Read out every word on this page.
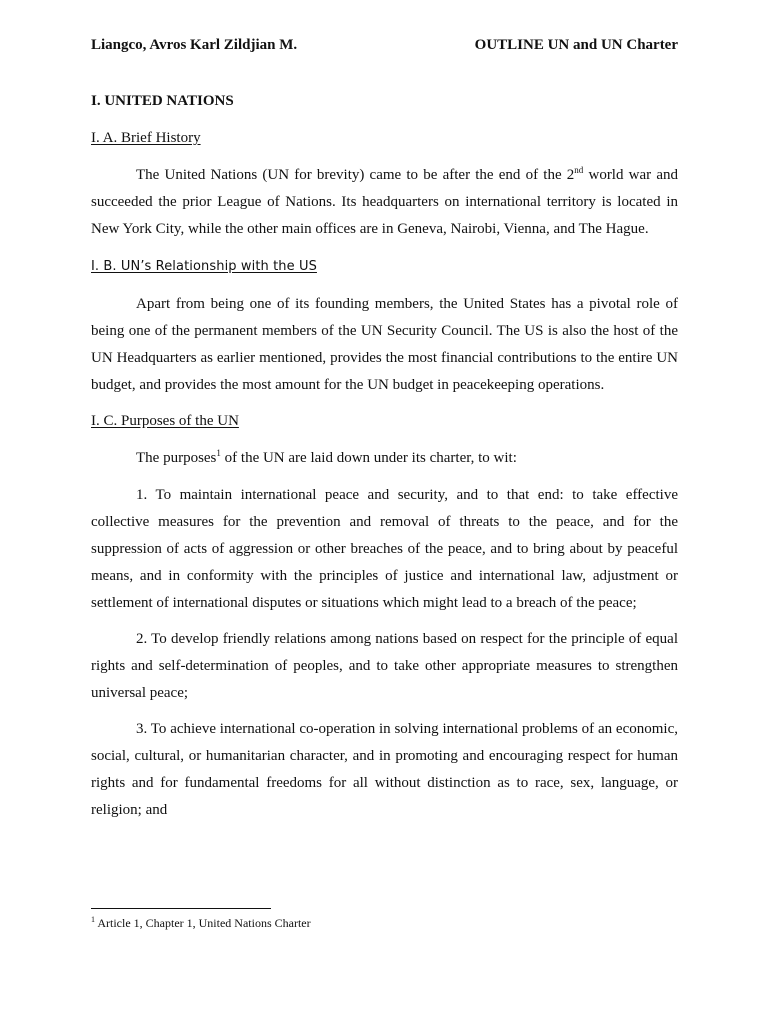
Liangco, Avros Karl Zildjian M.	OUTLINE UN and UN Charter
I. UNITED NATIONS
I. A. Brief History

The United Nations (UN for brevity) came to be after the end of the 2nd world war and succeeded the prior League of Nations. Its headquarters on international territory is located in New York City, while the other main offices are in Geneva, Nairobi, Vienna, and The Hague.

I. B. UN’s Relationship with the US

Apart from being one of its founding members, the United States has a pivotal role of being one of the permanent members of the UN Security Council. The US is also the host of the UN Headquarters as earlier mentioned, provides the most financial contributions to the entire UN budget, and provides the most amount for the UN budget in peacekeeping operations.

I. C. Purposes of the UN

The purposes$^1$ of the UN are laid down under its charter, to wit:

1. To maintain international peace and security, and to that end: to take effective collective measures for the prevention and removal of threats to the peace, and for the suppression of acts of aggression or other breaches of the peace, and to bring about by peaceful means, and in conformity with the principles of justice and international law, adjustment or settlement of international disputes or situations which might lead to a breach of the peace;

2. To develop friendly relations among nations based on respect for the principle of equal rights and self-determination of peoples, and to take other appropriate measures to strengthen universal peace;

3. To achieve international co-operation in solving international problems of an economic, social, cultural, or humanitarian character, and in promoting and encouraging respect for human rights and for fundamental freedoms for all without distinction as to race, sex, language, or religion; and

$^1$ Article 1, Chapter 1, United Nations Charter
